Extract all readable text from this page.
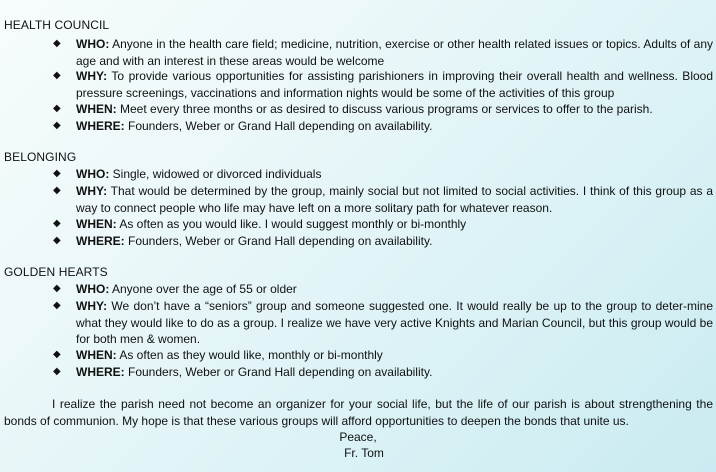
HEALTH COUNCIL
◆ WHO: Anyone in the health care field; medicine, nutrition, exercise or other health related issues or topics. Adults of any age and with an interest in these areas would be welcome
◆ WHY: To provide various opportunities for assisting parishioners in improving their overall health and wellness. Blood pressure screenings, vaccinations and information nights would be some of the activities of this group
◆ WHEN: Meet every three months or as desired to discuss various programs or services to offer to the parish.
◆ WHERE: Founders, Weber or Grand Hall depending on availability.
BELONGING
◆ WHO: Single, widowed or divorced individuals
◆ WHY: That would be determined by the group, mainly social but not limited to social activities. I think of this group as a way to connect people who life may have left on a more solitary path for whatever reason.
◆ WHEN: As often as you would like. I would suggest monthly or bi-monthly
◆ WHERE: Founders, Weber or Grand Hall depending on availability.
GOLDEN HEARTS
◆ WHO: Anyone over the age of 55 or older
◆ WHY: We don’t have a “seniors” group and someone suggested one. It would really be up to the group to deter-mine what they would like to do as a group. I realize we have very active Knights and Marian Council, but this group would be for both men & women.
◆ WHEN: As often as they would like, monthly or bi-monthly
◆ WHERE: Founders, Weber or Grand Hall depending on availability.
I realize the parish need not become an organizer for your social life, but the life of our parish is about strengthening the bonds of communion. My hope is that these various groups will afford opportunities to deepen the bonds that unite us.
Peace,
Fr. Tom
